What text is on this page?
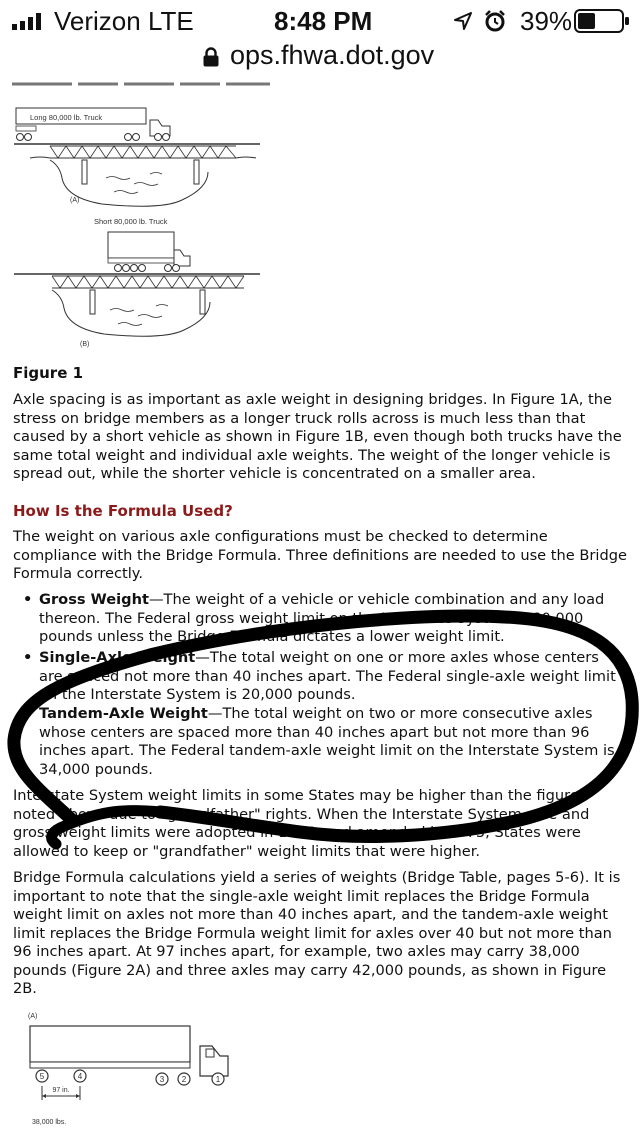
Verizon LTE	8:48 PM	39%
ops.fhwa.dot.gov
Long 80,000 lb. Truck
(A)
Short 80,000 lb. Truck
(B)
Figure 1
Axle spacing is as important as axle weight in designing bridges. In Figure 1A, the stress on bridge members as a longer truck rolls across is much less than that caused by a short vehicle as shown in Figure 1B, even though both trucks have the same total weight and individual axle weights. The weight of the longer vehicle is spread out, while the shorter vehicle is concentrated on a smaller area.
How Is the Formula Used?
The weight on various axle configurations must be checked to determine compliance with the Bridge Formula. Three definitions are needed to use the Bridge Formula correctly.
• Gross Weight—The weight of a vehicle or vehicle combination and any load thereon. The Federal gross weight limit on the Interstate System is 80,000 pounds unless the Bridge Formula dictates a lower weight limit.
• Single-Axle Weight—The total weight on one or more axles whose centers are spaced not more than 40 inches apart. The Federal single-axle weight limit on the Interstate System is 20,000 pounds.
• Tandem-Axle Weight—The total weight on two or more consecutive axles whose centers are spaced more than 40 inches apart but not more than 96 inches apart. The Federal tandem-axle weight limit on the Interstate System is 34,000 pounds.
Interstate System weight limits in some States may be higher than the figures noted above due to "grandfather" rights. When the Interstate System axle and gross weight limits were adopted in 1956, and amended in 1975, States were allowed to keep or "grandfather" weight limits that were higher.
Bridge Formula calculations yield a series of weights (Bridge Table, pages 5-6). It is important to note that the single-axle weight limit replaces the Bridge Formula weight limit on axles not more than 40 inches apart, and the tandem-axle weight limit replaces the Bridge Formula weight limit for axles over 40 but not more than 96 inches apart. At 97 inches apart, for example, two axles may carry 38,000 pounds (Figure 2A) and three axles may carry 42,000 pounds, as shown in Figure 2B.
(A)
5	4	3 2	1
97 in.
38,000 lbs.
